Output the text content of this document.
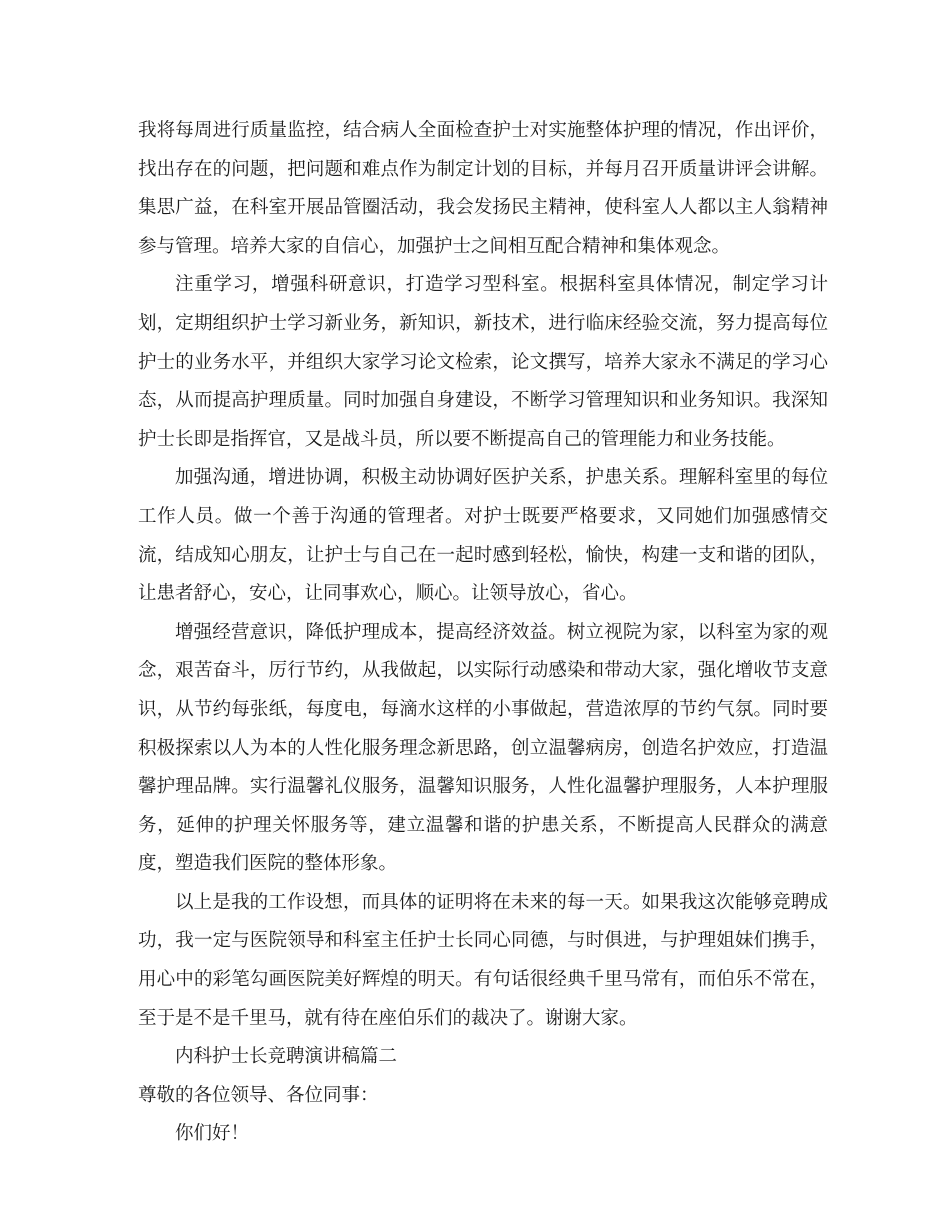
我将每周进行质量监控，结合病人全面检查护士对实施整体护理的情况，作出评价，找出存在的问题，把问题和难点作为制定计划的目标，并每月召开质量讲评会讲解。集思广益，在科室开展品管圈活动，我会发扬民主精神，使科室人人都以主人翁精神参与管理。培养大家的自信心，加强护士之间相互配合精神和集体观念。

注重学习，增强科研意识，打造学习型科室。根据科室具体情况，制定学习计划，定期组织护士学习新业务，新知识，新技术，进行临床经验交流，努力提高每位护士的业务水平，并组织大家学习论文检索，论文撰写，培养大家永不满足的学习心态，从而提高护理质量。同时加强自身建设，不断学习管理知识和业务知识。我深知护士长即是指挥官，又是战斗员，所以要不断提高自己的管理能力和业务技能。

加强沟通，增进协调，积极主动协调好医护关系，护患关系。理解科室里的每位工作人员。做一个善于沟通的管理者。对护士既要严格要求，又同她们加强感情交流，结成知心朋友，让护士与自己在一起时感到轻松，愉快，构建一支和谐的团队，让患者舒心，安心，让同事欢心，顺心。让领导放心，省心。

增强经营意识，降低护理成本，提高经济效益。树立视院为家，以科室为家的观念，艰苦奋斗，厉行节约，从我做起，以实际行动感染和带动大家，强化增收节支意识，从节约每张纸，每度电，每滴水这样的小事做起，营造浓厚的节约气氛。同时要积极探索以人为本的人性化服务理念新思路，创立温馨病房，创造名护效应，打造温馨护理品牌。实行温馨礼仪服务，温馨知识服务，人性化温馨护理服务，人本护理服务，延伸的护理关怀服务等，建立温馨和谐的护患关系，不断提高人民群众的满意度，塑造我们医院的整体形象。

以上是我的工作设想，而具体的证明将在未来的每一天。如果我这次能够竞聘成功，我一定与医院领导和科室主任护士长同心同德，与时俱进，与护理姐妹们携手，用心中的彩笔勾画医院美好辉煌的明天。有句话很经典千里马常有，而伯乐不常在，至于是不是千里马，就有待在座伯乐们的裁决了。谢谢大家。

内科护士长竞聘演讲稿篇二

尊敬的各位领导、各位同事：

你们好！
